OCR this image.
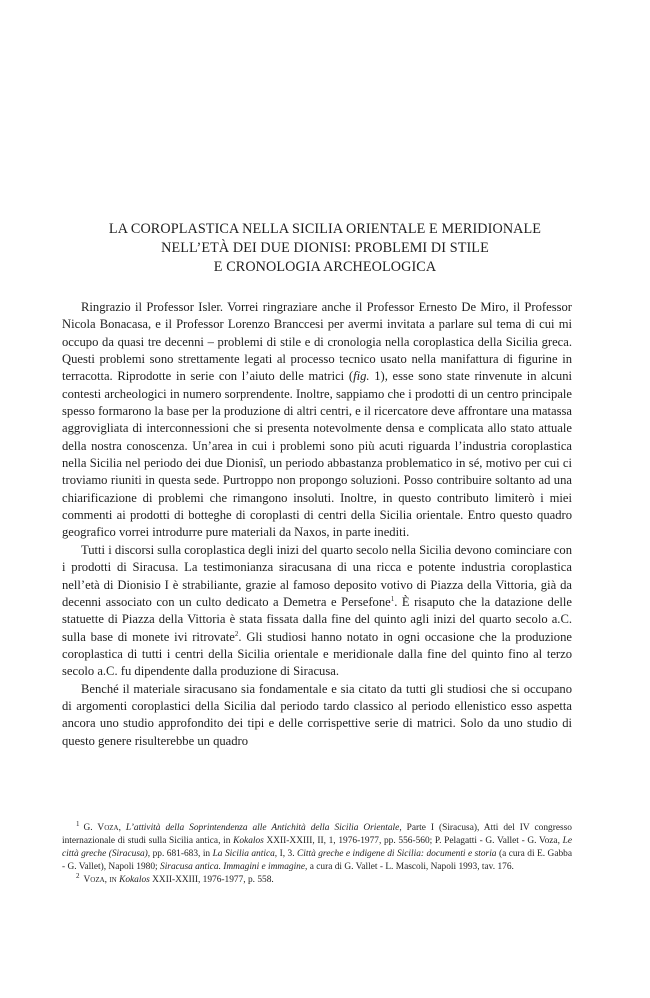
LA COROPLASTICA NELLA SICILIA ORIENTALE E MERIDIONALE
NELL’ETÀ DEI DUE DIONISI: PROBLEMI DI STILE
E CRONOLOGIA ARCHEOLOGICA

Ringrazio il Professor Isler. Vorrei ringraziare anche il Professor Ernesto De Miro, il Professor Nicola Bonacasa, e il Professor Lorenzo Branccesi per avermi invitata a parlare sul tema di cui mi occupo da quasi tre decenni – problemi di stile e di cronologia nella coroplastica della Sicilia greca. Questi problemi sono strettamente legati al processo tecnico usato nella manifattura di figurine in terracotta. Riprodotte in serie con l’aiuto delle matrici (fig. 1), esse sono state rinvenute in alcuni contesti archeologici in numero sorprendente. Inoltre, sappiamo che i prodotti di un centro principale spesso formarono la base per la produzione di altri centri, e il ricercatore deve affrontare una matassa aggrovigliata di interconnessioni che si presenta notevolmente densa e complicata allo stato attuale della nostra conoscenza. Un’area in cui i problemi sono più acuti riguarda l’industria coroplastica nella Sicilia nel periodo dei due Dionisî, un periodo abbastanza problematico in sé, motivo per cui ci troviamo riuniti in questa sede. Purtroppo non propongo soluzioni. Posso contribuire soltanto ad una chiarificazione di problemi che rimangono insoluti. Inoltre, in questo contributo limiterò i miei commenti ai prodotti di botteghe di coroplasti di centri della Sicilia orientale. Entro questo quadro geografico vorrei introdurre pure materiali da Naxos, in parte inediti.

Tutti i discorsi sulla coroplastica degli inizi del quarto secolo nella Sicilia devono cominciare con i prodotti di Siracusa. La testimonianza siracusana di una ricca e potente industria coroplastica nell’età di Dionisio I è strabiliante, grazie al famoso deposito votivo di Piazza della Vittoria, già da decenni associato con un culto dedicato a Demetra e Persefone$^1$. È risaputo che la datazione delle statuette di Piazza della Vittoria è stata fissata dalla fine del quinto agli inizi del quarto secolo a.C. sulla base di monete ivi ritrovate$^2$. Gli studiosi hanno notato in ogni occasione che la produzione coroplastica di tutti i centri della Sicilia orientale e meridionale dalla fine del quinto fino al terzo secolo a.C. fu dipendente dalla produzione di Siracusa.

Benché il materiale siracusano sia fondamentale e sia citato da tutti gli studiosi che si occupano di argomenti coroplastici della Sicilia dal periodo tardo classico al periodo ellenistico esso aspetta ancora uno studio approfondito dei tipi e delle corrispettive serie di matrici. Solo da uno studio di questo genere risulterebbe un quadro

$^1$ G. Voza, L’attività della Soprintendenza alle Antichità della Sicilia Orientale, Parte I (Siracusa), Atti del IV congresso internazionale di studi sulla Sicilia antica, in Kokalos XXII-XXIII, II, 1, 1976-1977, pp. 556-560; P. Pelagatti - G. Vallet - G. Voza, Le città greche (Siracusa), pp. 681-683, in La Sicilia antica, I, 3. Città greche e indigene di Sicilia: documenti e storia (a cura di E. Gabba - G. Vallet), Napoli 1980; Siracusa antica. Immagini e immagine, a cura di G. Vallet - L. Mascoli, Napoli 1993, tav. 176.

$^2$ Voza, in Kokalos XXII-XXIII, 1976-1977, p. 558.
